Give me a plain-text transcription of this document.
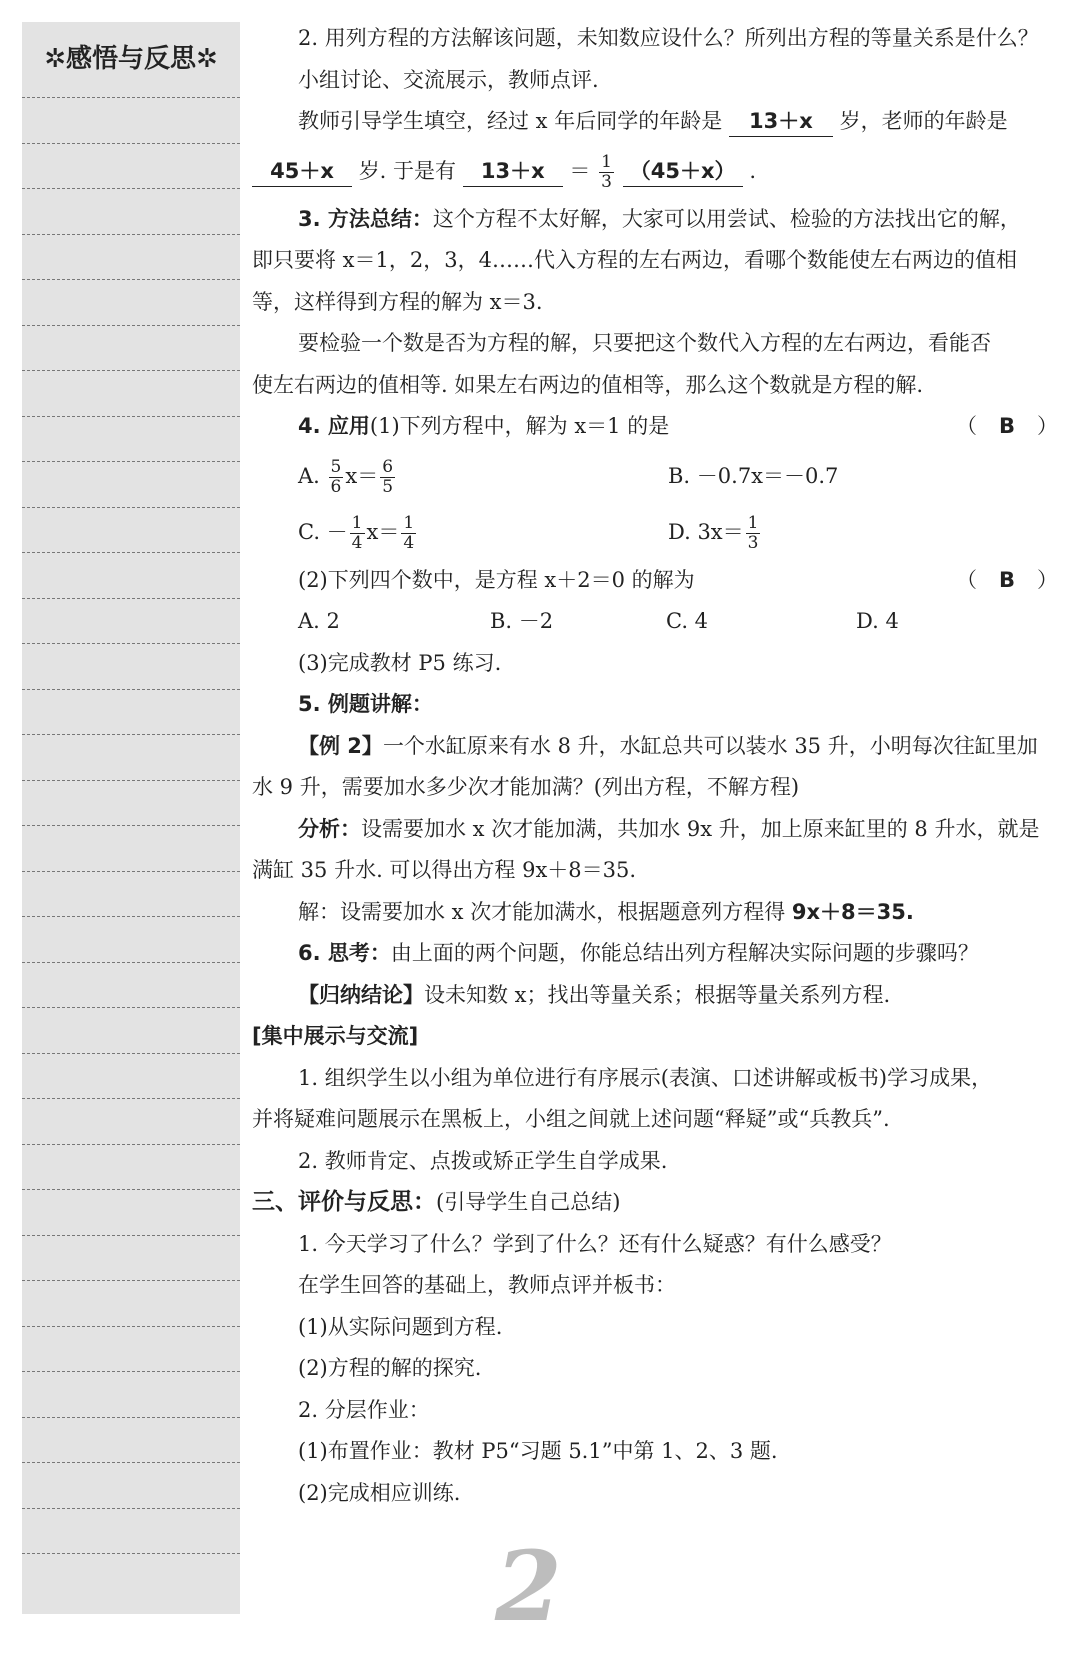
✲感悟与反思✲
2. 用列方程的方法解该问题，未知数应设什么？所列出方程的等量关系是什么？
小组讨论、交流展示，教师点评.
教师引导学生填空，经过 x 年后同学的年龄是 13＋x 岁，老师的年龄是
45＋x 岁. 于是有 $13+x = \frac{1}{3} (45+x)$ .
3. 方法总结：这个方程不太好解，大家可以用尝试、检验的方法找出它的解，
即只要将 x＝1，2，3，4……代入方程的左右两边，看哪个数能使左右两边的值相
等，这样得到方程的解为 x＝3.
要检验一个数是否为方程的解，只要把这个数代入方程的左右两边，看能否
使左右两边的值相等. 如果左右两边的值相等，那么这个数就是方程的解.
4. 应用(1)下列方程中，解为 x＝1 的是	（ B ）
A. $\frac{5}{6} x= \frac{6}{5}$	B. －0.7x＝－0.7
C. － $\frac{1}{4} x= \frac{1}{4}$	D. $3x= \frac{1}{3}$
(2)下列四个数中，是方程 x＋2＝0 的解为	（ B ）
A. 2	B. －2	C. 4	D. 4
(3)完成教材 P5 练习.
5. 例题讲解：
【例 2】一个水缸原来有水 8 升，水缸总共可以装水 35 升，小明每次往缸里加
水 9 升，需要加水多少次才能加满？(列出方程，不解方程)
分析：设需要加水 x 次才能加满，共加水 9x 升，加上原来缸里的 8 升水，就是
满缸 35 升水. 可以得出方程 9x＋8＝35.
解：设需要加水 x 次才能加满水，根据题意列方程得 9x＋8＝35.
6. 思考：由上面的两个问题，你能总结出列方程解决实际问题的步骤吗？
【归纳结论】设未知数 x；找出等量关系；根据等量关系列方程.
[集中展示与交流]
1. 组织学生以小组为单位进行有序展示(表演、口述讲解或板书)学习成果，
并将疑难问题展示在黑板上，小组之间就上述问题“释疑”或“兵教兵”.
2. 教师肯定、点拨或矫正学生自学成果.
三、评价与反思：(引导学生自己总结)
1. 今天学习了什么？学到了什么？还有什么疑惑？有什么感受？
在学生回答的基础上，教师点评并板书：
(1)从实际问题到方程.
(2)方程的解的探究.
2. 分层作业：
(1)布置作业：教材 P5“习题 5.1”中第 1、2、3 题.
(2)完成相应训练.
2
